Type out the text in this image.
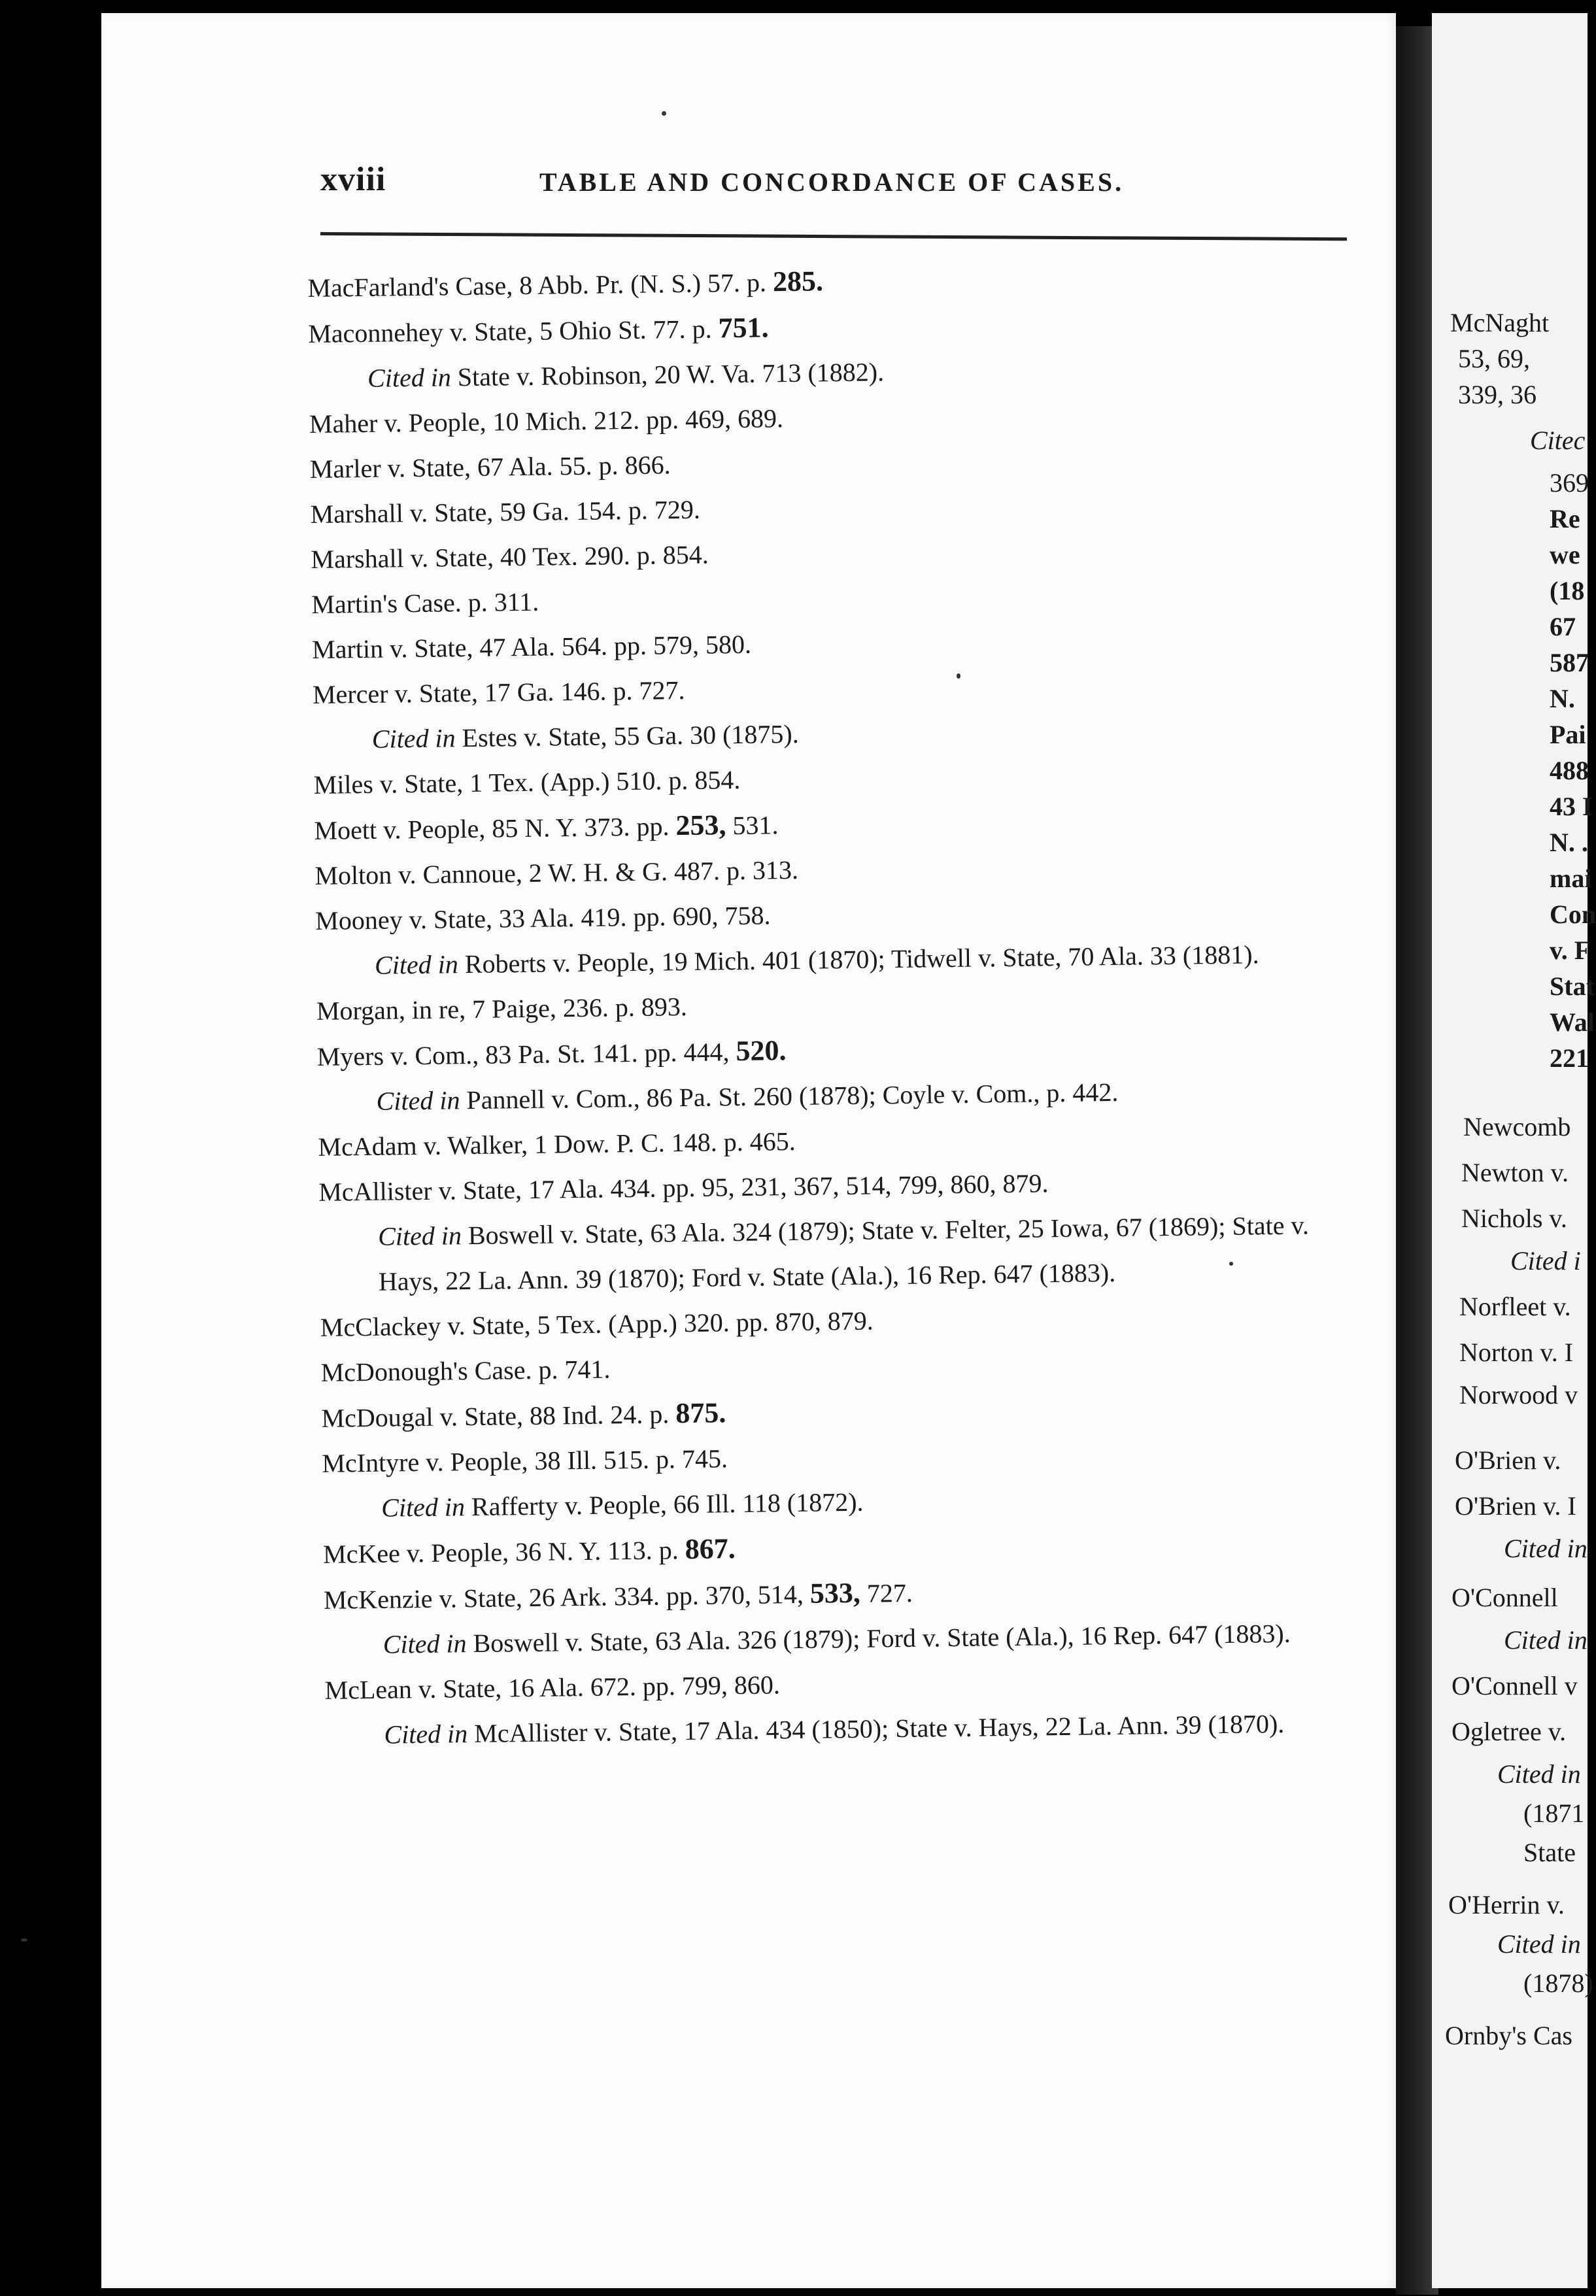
xviii	TABLE AND CONCORDANCE OF CASES.
MacFarland's Case, 8 Abb. Pr. (N. S.) 57. p. 285.
Maconnehey v. State, 5 Ohio St. 77. p. 751.
Cited in State v. Robinson, 20 W. Va. 713 (1882).
Maher v. People, 10 Mich. 212. pp. 469, 689.
Marler v. State, 67 Ala. 55. p. 866.
Marshall v. State, 59 Ga. 154. p. 729.
Marshall v. State, 40 Tex. 290. p. 854.
Martin's Case. p. 311.
Martin v. State, 47 Ala. 564. pp. 579, 580.
Mercer v. State, 17 Ga. 146. p. 727.
Cited in Estes v. State, 55 Ga. 30 (1875).
Miles v. State, 1 Tex. (App.) 510. p. 854.
Moett v. People, 85 N. Y. 373. pp. 253, 531.
Molton v. Cannoue, 2 W. H. & G. 487. p. 313.
Mooney v. State, 33 Ala. 419. pp. 690, 758.
Cited in Roberts v. People, 19 Mich. 401 (1870); Tidwell v. State, 70 Ala. 33 (1881).
Morgan, in re, 7 Paige, 236. p. 893.
Myers v. Com., 83 Pa. St. 141. pp. 444, 520.
Cited in Pannell v. Com., 86 Pa. St. 260 (1878); Coyle v. Com., p. 442.
McAdam v. Walker, 1 Dow. P. C. 148. p. 465.
McAllister v. State, 17 Ala. 434. pp. 95, 231, 367, 514, 799, 860, 879.
Cited in Boswell v. State, 63 Ala. 324 (1879); State v. Felter, 25 Iowa, 67 (1869); State v. Hays, 22 La. Ann. 39 (1870); Ford v. State (Ala.), 16 Rep. 647 (1883).
McClackey v. State, 5 Tex. (App.) 320. pp. 870, 879.
McDonough's Case. p. 741.
McDougal v. State, 88 Ind. 24. p. 875.
McIntyre v. People, 38 Ill. 515. p. 745.
Cited in Rafferty v. People, 66 Ill. 118 (1872).
McKee v. People, 36 N. Y. 113. p. 867.
McKenzie v. State, 26 Ark. 334. pp. 370, 514, 533, 727.
Cited in Boswell v. State, 63 Ala. 326 (1879); Ford v. State (Ala.), 16 Rep. 647 (1883).
McLean v. State, 16 Ala. 672. pp. 799, 860.
Cited in McAllister v. State, 17 Ala. 434 (1850); State v. Hays, 22 La. Ann. 39 (1870).
McNaght
53, 69,
339, 36
Citec
369
Re
we
(18
67
587
N.
Pai
488
43 I
N. .
mai
Con
v. F
Stat
Wal
221
Newcomb
Newton v.
Nichols v.
Cited i
Norfleet v.
Norton v. I
Norwood v
O'Brien v.
O'Brien v. I
Cited in
O'Connell
Cited in
O'Connell v
Ogletree v.
Cited in
(1871
State
O'Herrin v.
Cited in
(1878)
Ornby's Cas
